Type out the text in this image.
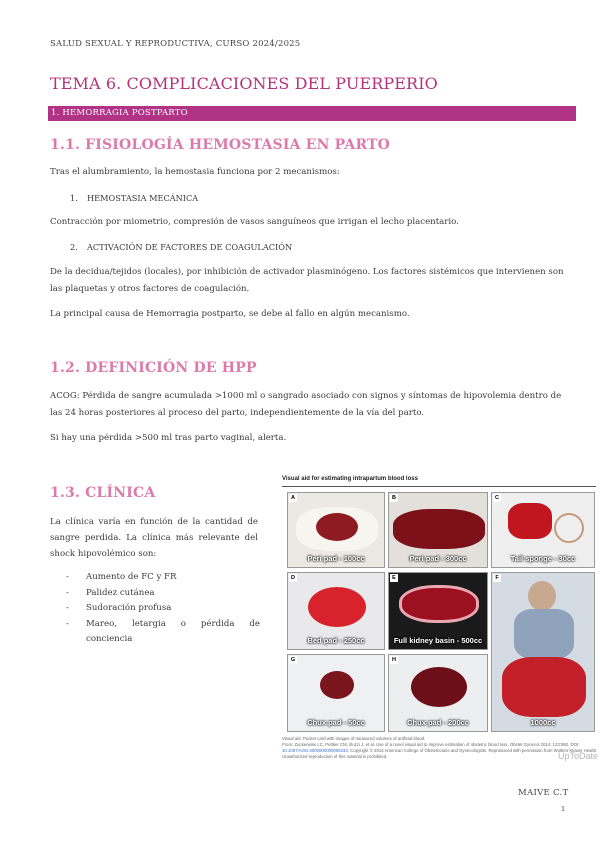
SALUD SEXUAL Y REPRODUCTIVA, CURSO 2024/2025
TEMA 6. COMPLICACIONES DEL PUERPERIO
1. HEMORRAGIA POSTPARTO
1.1. FISIOLOGÍA HEMOSTASIA EN PARTO

Tras el alumbramiento, la hemostasia funciona por 2 mecanismos:

1. HEMOSTASIA MECÁNICA

Contracción por miometrio, compresión de vasos sanguíneos que irrigan el lecho placentario.

2. ACTIVACIÓN DE FACTORES DE COAGULACIÓN

De la decidua/tejidos (locales), por inhibición de activador plasminógeno. Los factores sistémicos que intervienen son las plaquetas y otros factores de coagulación.

La principal causa de Hemorragia postparto, se debe al fallo en algún mecanismo.

1.2. DEFINICIÓN DE HPP

ACOG: Pérdida de sangre acumulada >1000 ml o sangrado asociado con signos y síntomas de hipovolemia dentro de las 24 horas posteriores al proceso del parto, independientemente de la vía del parto.

Si hay una pérdida >500 ml tras parto vaginal, alerta.

1.3. CLÍNICA

La clínica varía en función de la cantidad de sangre perdida. La clínica más relevante del shock hipovolémico son:

- Aumento de FC y FR
- Palidez cutánea
- Sudoración profusa
- Mareo, letargia o pérdida de conciencia
Visual aid for estimating intrapartum blood loss
A
Peri pad - 100cc
B
Peri pad - 300cc
C
Tail sponge - 30cc
D
Bed pad - 250cc
E
Full kidney basin - 500cc
F
1000cc
G
Chux pad - 50cc
H
Chux pad - 200cc
Visual aid. Pocket card with images of measured volumes of artificial blood.
From: Zuckerwise LC, Pettker CM, Illuzzi J, et al. Use of a novel visual aid to improve estimation of obstetric blood loss. Obstet Gynecol 2014; 123:982. DOI: 10.1097/AOG.0000000000000233. Copyright © 2014 American College of Obstetricians and Gynecologists. Reproduced with permission from Wolters Kluwer Health. Unauthorized reproduction of this material is prohibited.	UpToDate
MAIVE C.T
1
